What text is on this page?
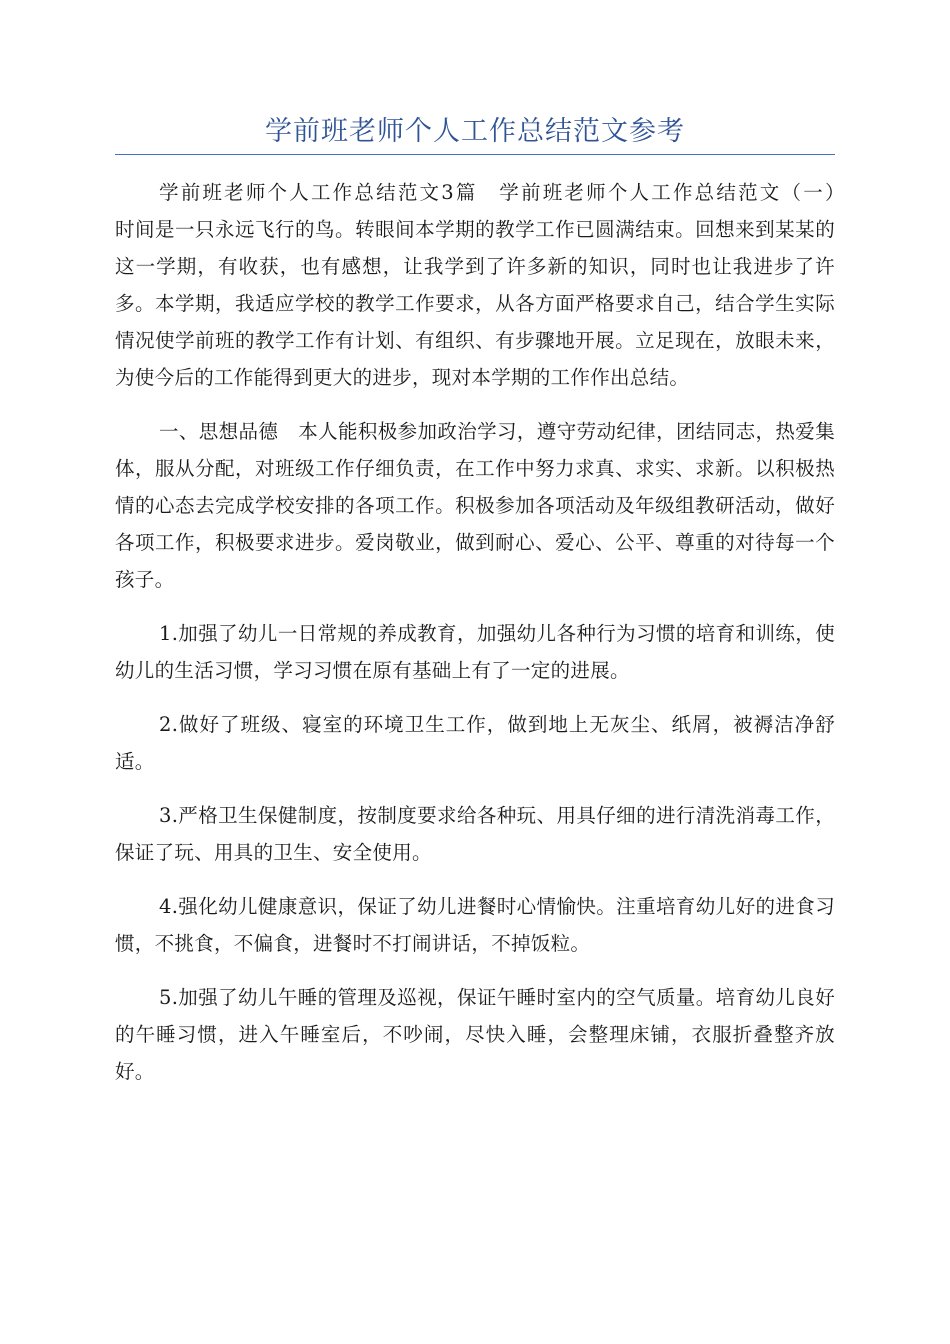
学前班老师个人工作总结范文参考

学前班老师个人工作总结范文3篇　学前班老师个人工作总结范文（一）　　时间是一只永远飞行的鸟。转眼间本学期的教学工作已圆满结束。回想来到某某的这一学期，有收获，也有感想，让我学到了许多新的知识，同时也让我进步了许多。本学期，我适应学校的教学工作要求，从各方面严格要求自己，结合学生实际情况使学前班的教学工作有计划、有组织、有步骤地开展。立足现在，放眼未来，为使今后的工作能得到更大的进步，现对本学期的工作作出总结。

一、思想品德　本人能积极参加政治学习，遵守劳动纪律，团结同志，热爱集体，服从分配，对班级工作仔细负责，在工作中努力求真、求实、求新。以积极热情的心态去完成学校安排的各项工作。积极参加各项活动及年级组教研活动，做好各项工作，积极要求进步。爱岗敬业，做到耐心、爱心、公平、尊重的对待每一个孩子。

1.加强了幼儿一日常规的养成教育，加强幼儿各种行为习惯的培育和训练，使幼儿的生活习惯，学习习惯在原有基础上有了一定的进展。

2.做好了班级、寝室的环境卫生工作，做到地上无灰尘、纸屑，被褥洁净舒适。

3.严格卫生保健制度，按制度要求给各种玩、用具仔细的进行清洗消毒工作，保证了玩、用具的卫生、安全使用。

4.强化幼儿健康意识，保证了幼儿进餐时心情愉快。注重培育幼儿好的进食习惯，不挑食，不偏食，进餐时不打闹讲话，不掉饭粒。

5.加强了幼儿午睡的管理及巡视，保证午睡时室内的空气质量。培育幼儿良好的午睡习惯，进入午睡室后，不吵闹，尽快入睡，会整理床铺，衣服折叠整齐放好。
